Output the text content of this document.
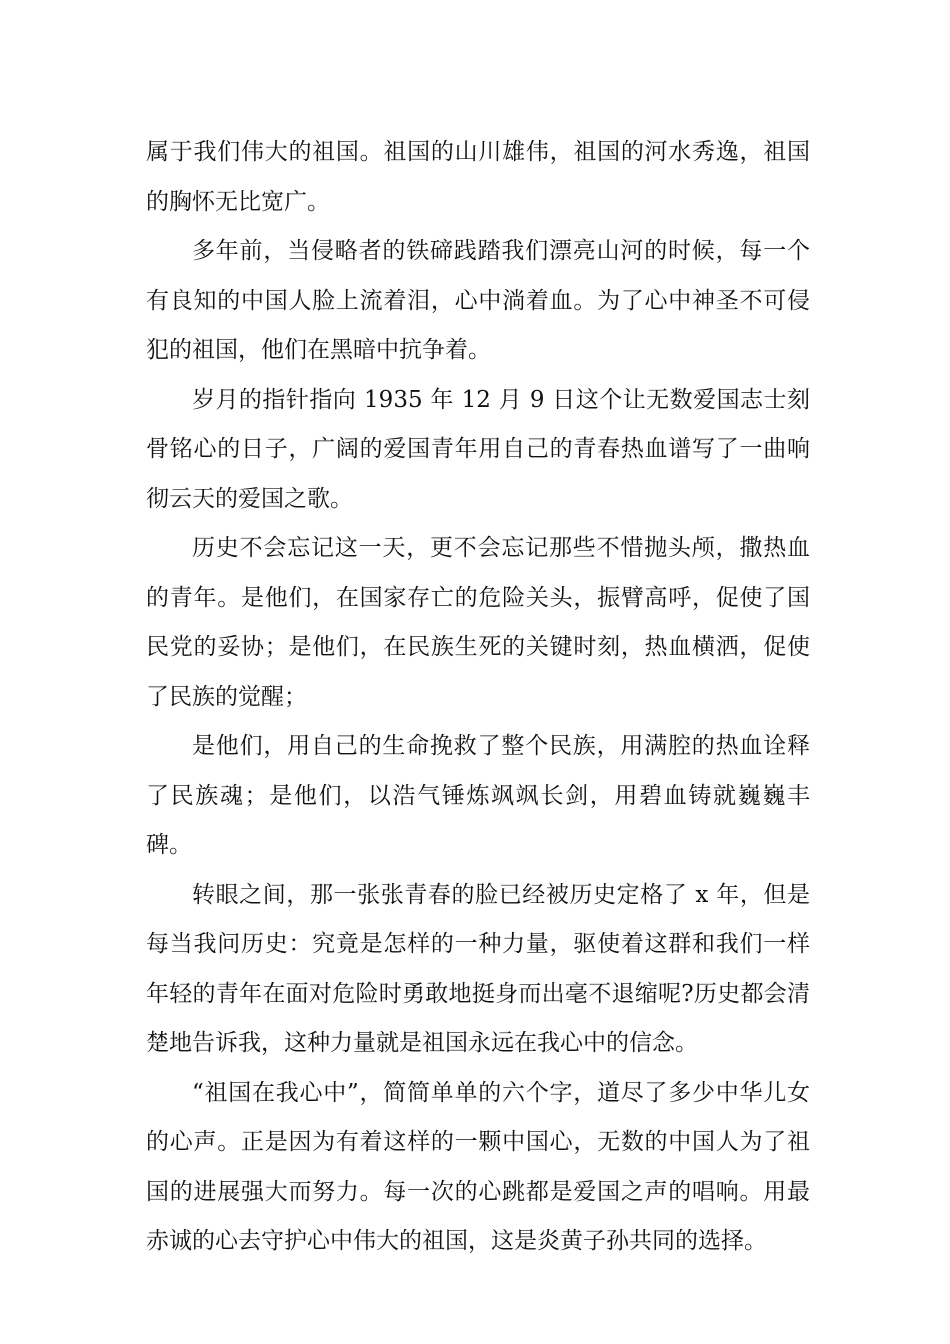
属于我们伟大的祖国。祖国的山川雄伟，祖国的河水秀逸，祖国的胸怀无比宽广。

多年前，当侵略者的铁碲践踏我们漂亮山河的时候，每一个有良知的中国人脸上流着泪，心中淌着血。为了心中神圣不可侵犯的祖国，他们在黑暗中抗争着。

岁月的指针指向 1935 年 12 月 9 日这个让无数爱国志士刻骨铭心的日子，广阔的爱国青年用自己的青春热血谱写了一曲响彻云天的爱国之歌。

历史不会忘记这一天，更不会忘记那些不惜抛头颅，撒热血的青年。是他们，在国家存亡的危险关头，振臂高呼，促使了国民党的妥协；是他们，在民族生死的关键时刻，热血横洒，促使了民族的觉醒；

是他们，用自己的生命挽救了整个民族，用满腔的热血诠释了民族魂；是他们，以浩气锤炼飒飒长剑，用碧血铸就巍巍丰碑。

转眼之间，那一张张青春的脸已经被历史定格了 x 年，但是每当我问历史：究竟是怎样的一种力量，驱使着这群和我们一样年轻的青年在面对危险时勇敢地挺身而出毫不退缩呢?历史都会清楚地告诉我，这种力量就是祖国永远在我心中的信念。

“祖国在我心中”，简简单单的六个字，道尽了多少中华儿女的心声。正是因为有着这样的一颗中国心，无数的中国人为了祖国的进展强大而努力。每一次的心跳都是爱国之声的唱响。用最赤诚的心去守护心中伟大的祖国，这是炎黄子孙共同的选择。
